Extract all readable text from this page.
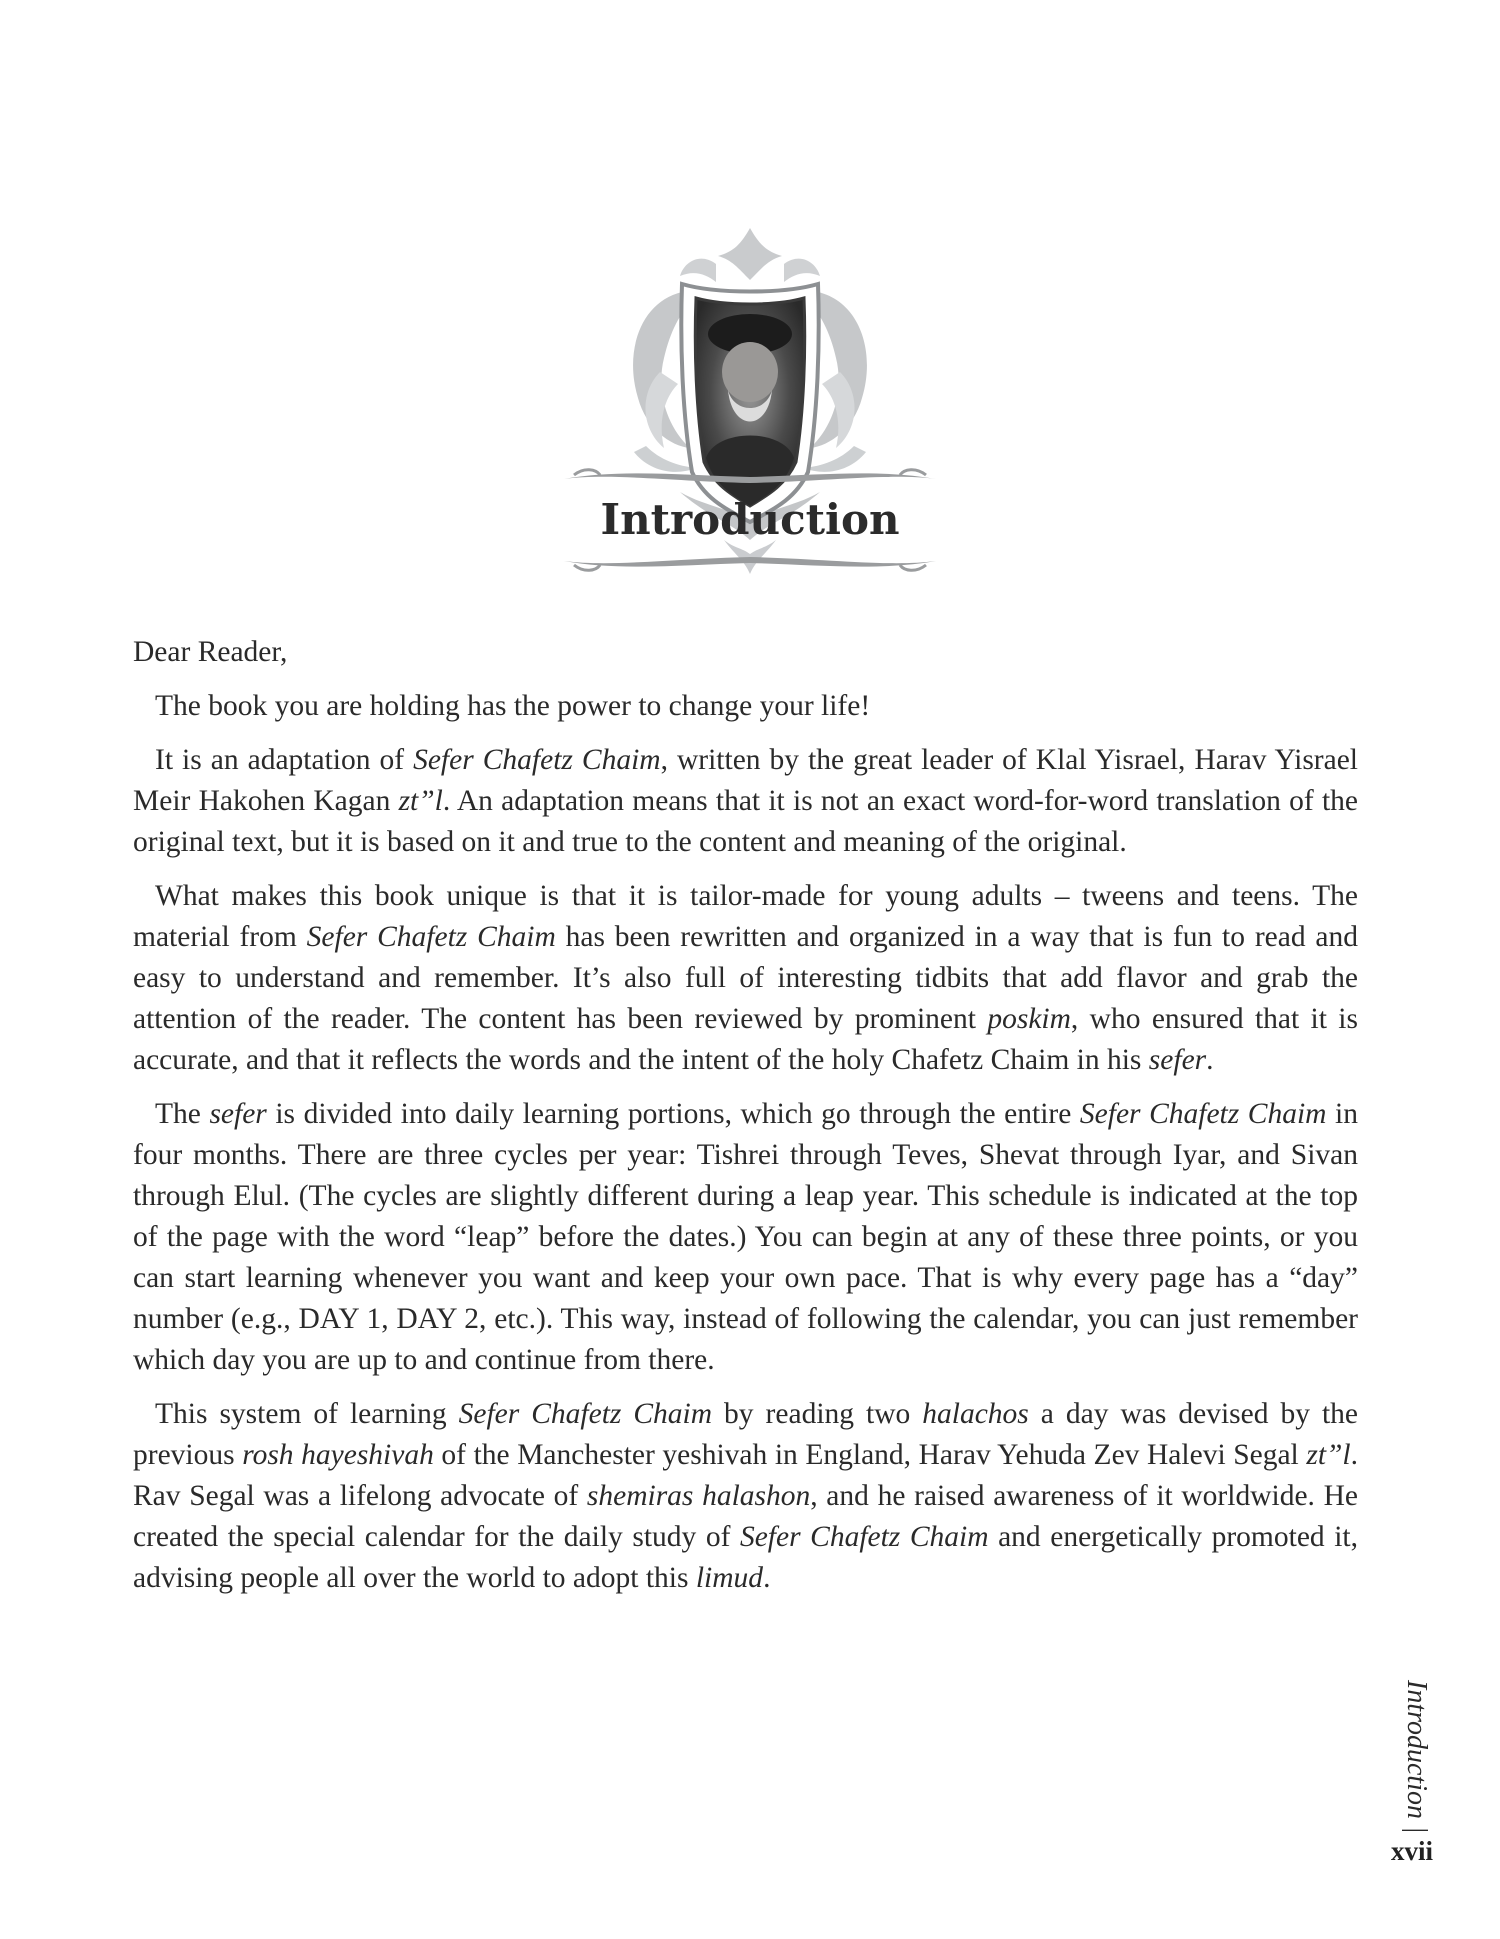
Introduction

Dear Reader,

The book you are holding has the power to change your life!

It is an adaptation of Sefer Chafetz Chaim, written by the great leader of Klal Yisrael, Harav Yisrael Meir Hakohen Kagan zt”l. An adaptation means that it is not an exact word-for-word translation of the original text, but it is based on it and true to the content and meaning of the original.

What makes this book unique is that it is tailor-made for young adults – tweens and teens. The material from Sefer Chafetz Chaim has been rewritten and organized in a way that is fun to read and easy to understand and remember. It’s also full of interesting tidbits that add flavor and grab the attention of the reader. The content has been reviewed by prominent poskim, who ensured that it is accurate, and that it reflects the words and the intent of the holy Chafetz Chaim in his sefer.

The sefer is divided into daily learning portions, which go through the entire Sefer Chafetz Chaim in four months. There are three cycles per year: Tishrei through Teves, Shevat through Iyar, and Sivan through Elul. (The cycles are slightly different during a leap year. This schedule is indicated at the top of the page with the word “leap” before the dates.) You can begin at any of these three points, or you can start learning whenever you want and keep your own pace. That is why every page has a “day” number (e.g., DAY 1, DAY 2, etc.). This way, instead of following the calendar, you can just remember which day you are up to and continue from there.

This system of learning Sefer Chafetz Chaim by reading two halachos a day was devised by the previous rosh hayeshivah of the Manchester yeshivah in England, Harav Yehuda Zev Halevi Segal zt”l. Rav Segal was a lifelong advocate of shemiras halashon, and he raised awareness of it worldwide. He created the special calendar for the daily study of Sefer Chafetz Chaim and energetically promoted it, advising people all over the world to adopt this limud.

Introduction |
xvii
